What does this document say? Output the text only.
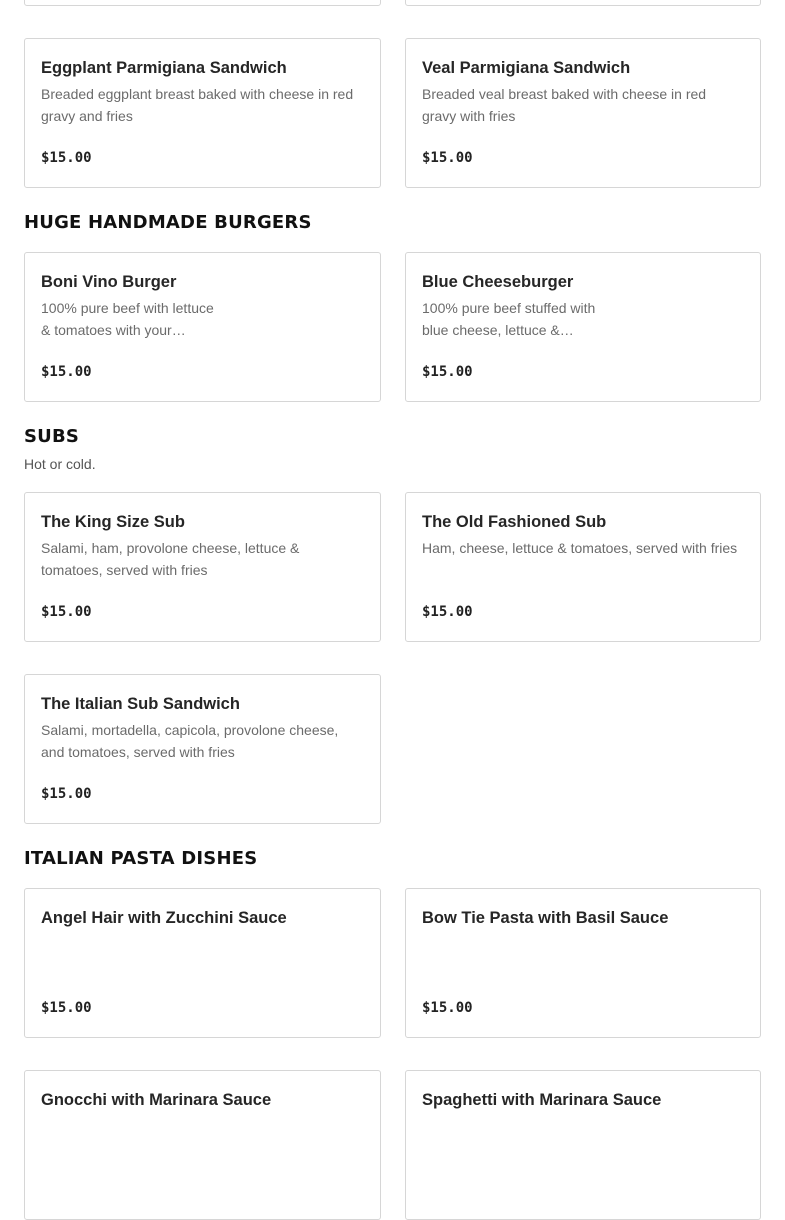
Eggplant Parmigiana Sandwich
Breaded eggplant breast baked with cheese in red gravy and fries
$15.00
Veal Parmigiana Sandwich
Breaded veal breast baked with cheese in red gravy with fries
$15.00
HUGE HANDMADE BURGERS
Boni Vino Burger
100% pure beef with lettuce
& tomatoes with your…
$15.00
Blue Cheeseburger
100% pure beef stuffed with
blue cheese, lettuce &…
$15.00
SUBS
Hot or cold.
The King Size Sub
Salami, ham, provolone cheese, lettuce & tomatoes, served with fries
$15.00
The Old Fashioned Sub
Ham, cheese, lettuce & tomatoes, served with fries
$15.00
The Italian Sub Sandwich
Salami, mortadella, capicola, provolone cheese, and tomatoes, served with fries
$15.00
ITALIAN PASTA DISHES
Angel Hair with Zucchini Sauce
$15.00
Bow Tie Pasta with Basil Sauce
$15.00
Gnocchi with Marinara Sauce	Spaghetti with Marinara Sauce
